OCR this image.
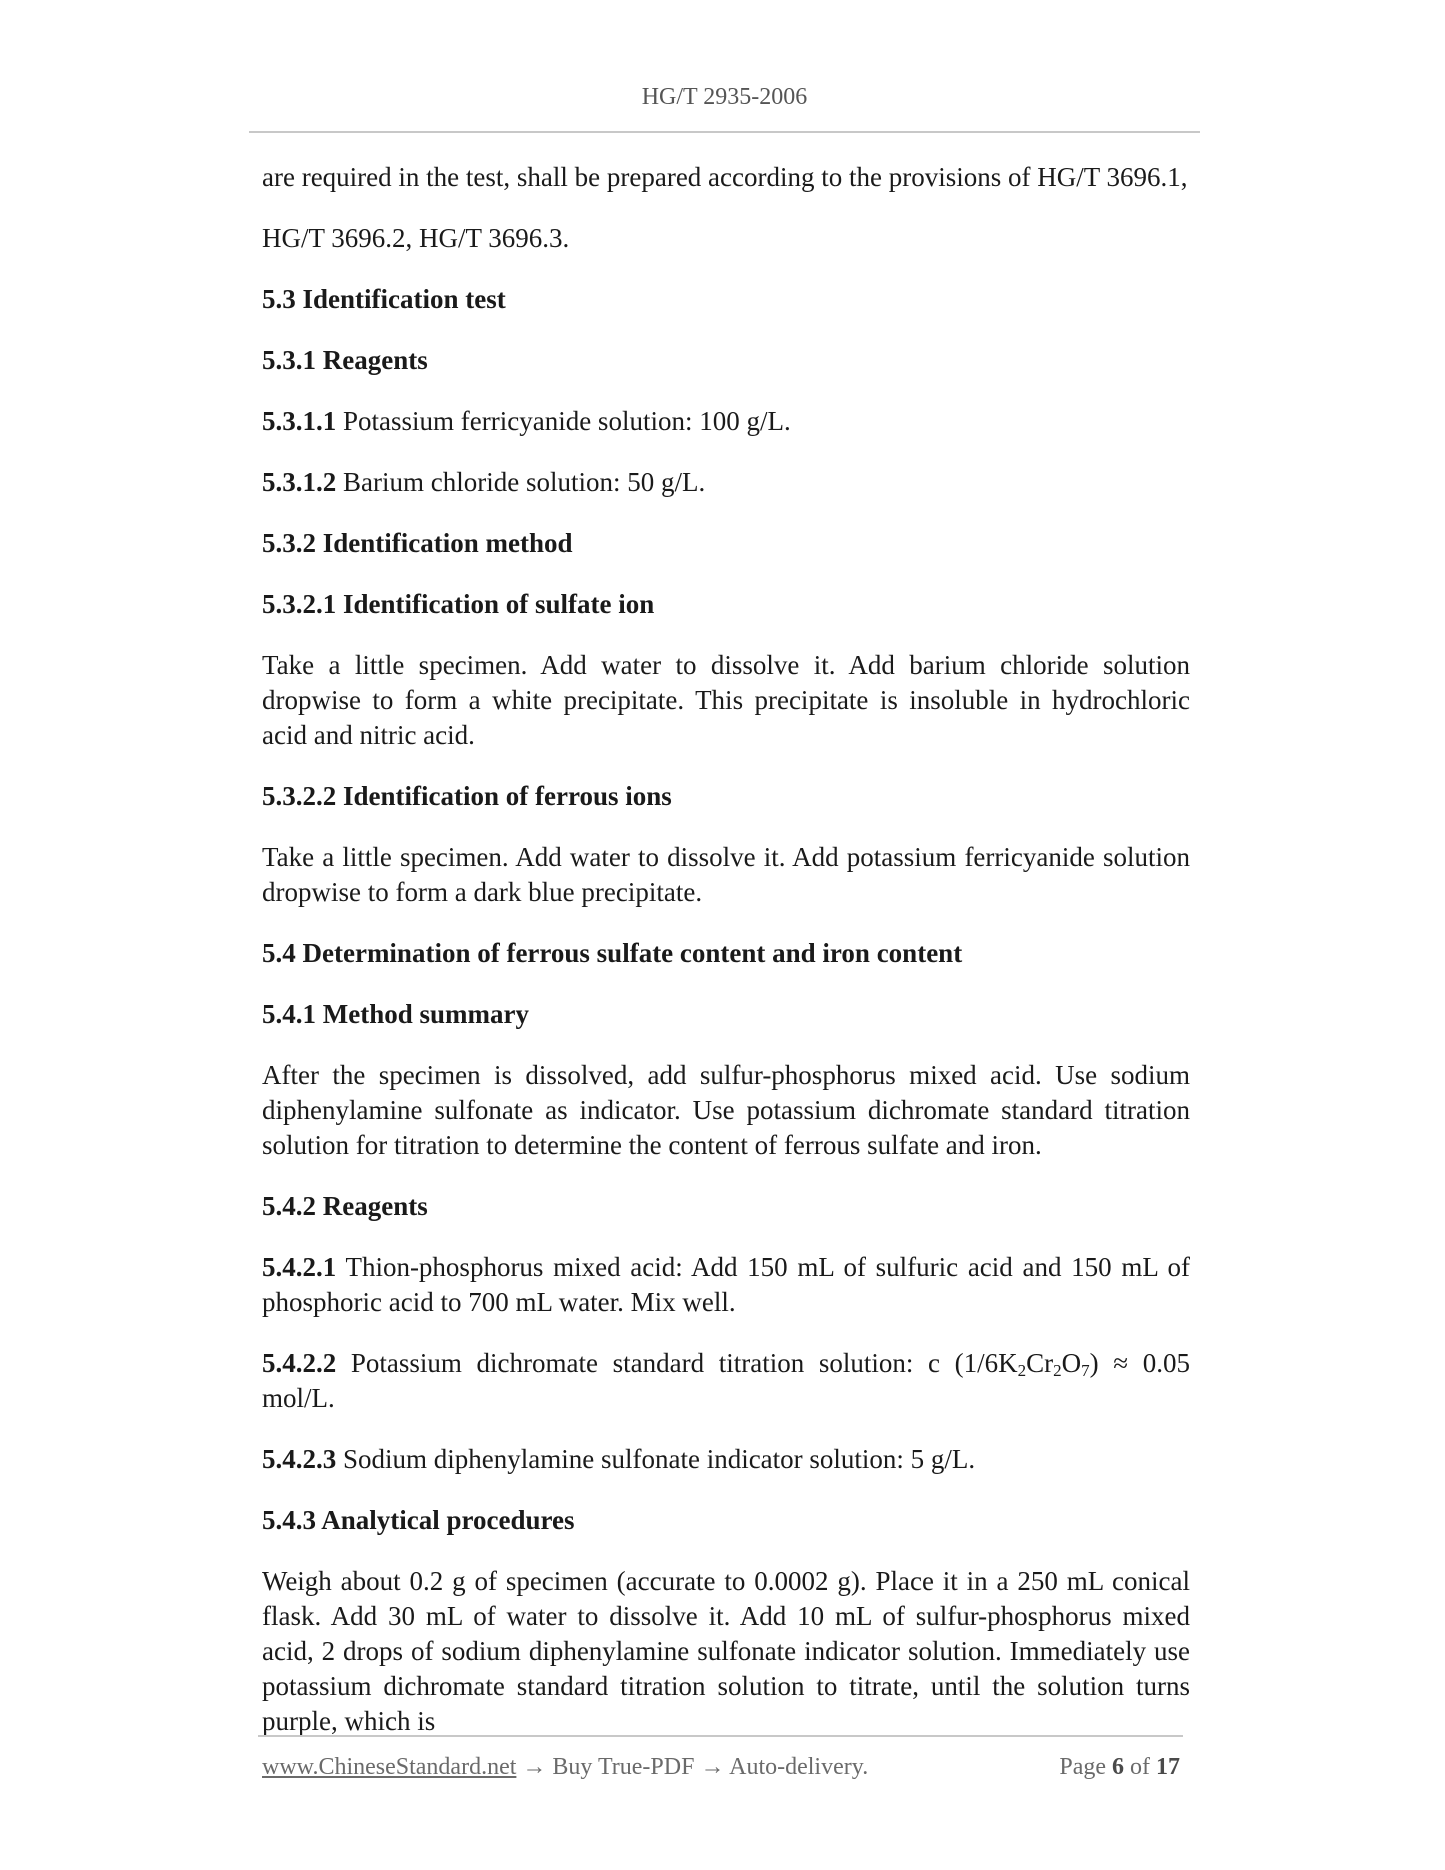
HG/T 2935-2006

are required in the test, shall be prepared according to the provisions of HG/T 3696.1,

HG/T 3696.2, HG/T 3696.3.

5.3 Identification test

5.3.1 Reagents

5.3.1.1 Potassium ferricyanide solution: 100 g/L.

5.3.1.2 Barium chloride solution: 50 g/L.

5.3.2 Identification method

5.3.2.1 Identification of sulfate ion

Take a little specimen. Add water to dissolve it. Add barium chloride solution dropwise to form a white precipitate. This precipitate is insoluble in hydrochloric acid and nitric acid.

5.3.2.2 Identification of ferrous ions

Take a little specimen. Add water to dissolve it. Add potassium ferricyanide solution dropwise to form a dark blue precipitate.

5.4 Determination of ferrous sulfate content and iron content

5.4.1 Method summary

After the specimen is dissolved, add sulfur-phosphorus mixed acid. Use sodium diphenylamine sulfonate as indicator. Use potassium dichromate standard titration solution for titration to determine the content of ferrous sulfate and iron.

5.4.2 Reagents

5.4.2.1 Thion-phosphorus mixed acid: Add 150 mL of sulfuric acid and 150 mL of phosphoric acid to 700 mL water. Mix well.

5.4.2.2 Potassium dichromate standard titration solution: c $(1/6K_2Cr_2O_7) \approx 0.05$ mol/L.

5.4.2.3 Sodium diphenylamine sulfonate indicator solution: 5 g/L.

5.4.3 Analytical procedures

Weigh about 0.2 g of specimen (accurate to 0.0002 g). Place it in a 250 mL conical flask. Add 30 mL of water to dissolve it. Add 10 mL of sulfur-phosphorus mixed acid, 2 drops of sodium diphenylamine sulfonate indicator solution. Immediately use potassium dichromate standard titration solution to titrate, until the solution turns purple, which is

www.ChineseStandard.net → Buy True-PDF → Auto-delivery.	Page 6 of 17
